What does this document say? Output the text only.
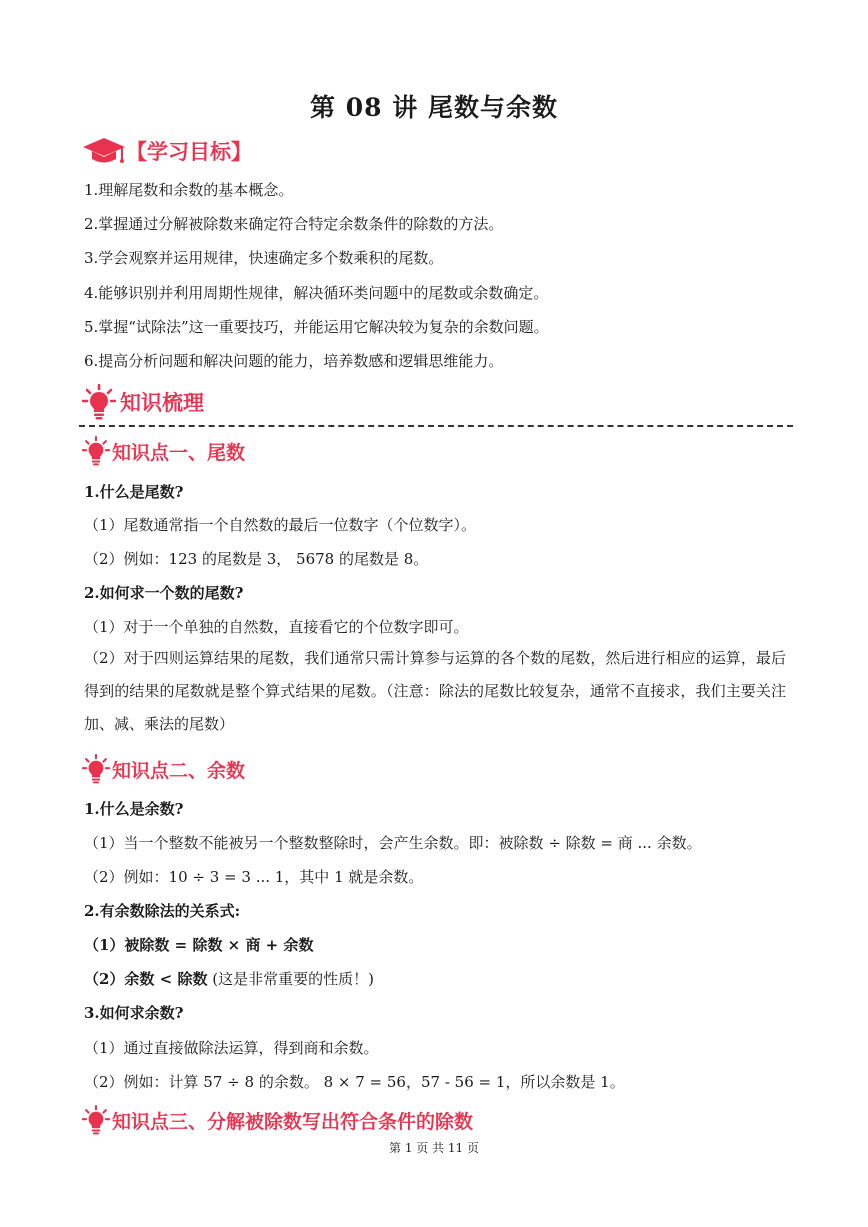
第 08 讲 尾数与余数
【学习目标】
1.理解尾数和余数的基本概念。
2.掌握通过分解被除数来确定符合特定余数条件的除数的方法。
3.学会观察并运用规律，快速确定多个数乘积的尾数。
4.能够识别并利用周期性规律，解决循环类问题中的尾数或余数确定。
5.掌握“试除法”这一重要技巧，并能运用它解决较为复杂的余数问题。
6.提高分析问题和解决问题的能力，培养数感和逻辑思维能力。
知识梳理
知识点一、尾数
1.什么是尾数?
（1）尾数通常指一个自然数的最后一位数字（个位数字）。
（2）例如：123 的尾数是 3， 5678 的尾数是 8。
2.如何求一个数的尾数?
（1）对于一个单独的自然数，直接看它的个位数字即可。
（2）对于四则运算结果的尾数，我们通常只需计算参与运算的各个数的尾数，然后进行相应的运算，最后得到的结果的尾数就是整个算式结果的尾数。（注意：除法的尾数比较复杂，通常不直接求，我们主要关注加、减、乘法的尾数）
知识点二、余数
1.什么是余数?
（1）当一个整数不能被另一个整数整除时，会产生余数。即：被除数 ÷ 除数 = 商 ... 余数。
（2）例如：10 ÷ 3 = 3 ... 1，其中 1 就是余数。
2.有余数除法的关系式:
（1）被除数 = 除数 × 商 + 余数
（2）余数 < 除数 (这是非常重要的性质！)
3.如何求余数?
（1）通过直接做除法运算，得到商和余数。
（2）例如：计算 57 ÷ 8 的余数。 8 × 7 = 56，57 - 56 = 1，所以余数是 1。
知识点三、分解被除数写出符合条件的除数
第 1 页 共 11 页
